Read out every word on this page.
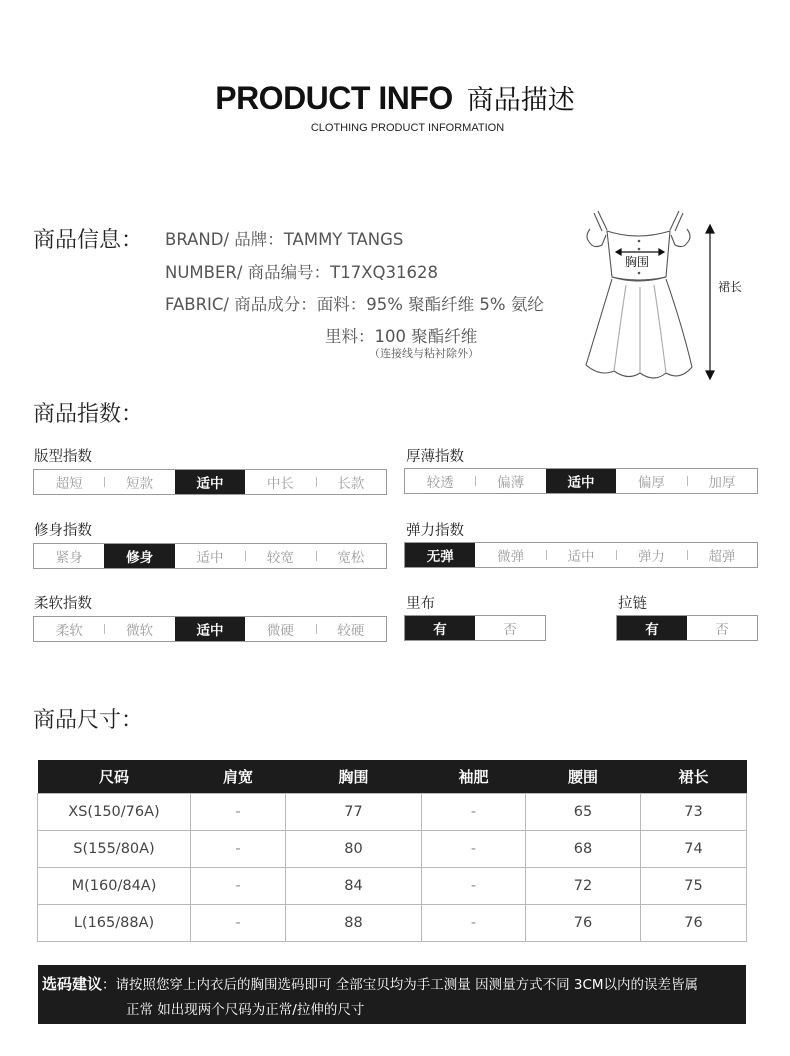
PRODUCT INFO 商品描述
CLOTHING PRODUCT INFORMATION
商品信息： BRAND/ 品牌：TAMMY TANGS
NUMBER/ 商品编号：T17XQ31628
FABRIC/ 商品成分：面料：95% 聚酯纤维 5% 氨纶
里料：100 聚酯纤维
（连接线与粘衬除外）
胸围
裙长
商品指数：
版型指数
超短	短款	适中	中长	长款
厚薄指数
较透	偏薄	适中	偏厚	加厚
修身指数
紧身	修身	适中	较宽	宽松
弹力指数
无弹	微弹	适中	弹力	超弹
柔软指数
柔软	微软	适中	微硬	较硬
里布
有	否
拉链
有	否
商品尺寸：
尺码	肩宽	胸围	袖肥	腰围	裙长
XS(150/76A)	-	77	-	65	73
S(155/80A)	-	80	-	68	74
M(160/84A)	-	84	-	72	75
L(165/88A)	-	88	-	76	76
选码建议：请按照您穿上内衣后的胸围选码即可 全部宝贝均为手工测量 因测量方式不同 3CM以内的误差皆属
正常 如出现两个尺码为正常/拉伸的尺寸
